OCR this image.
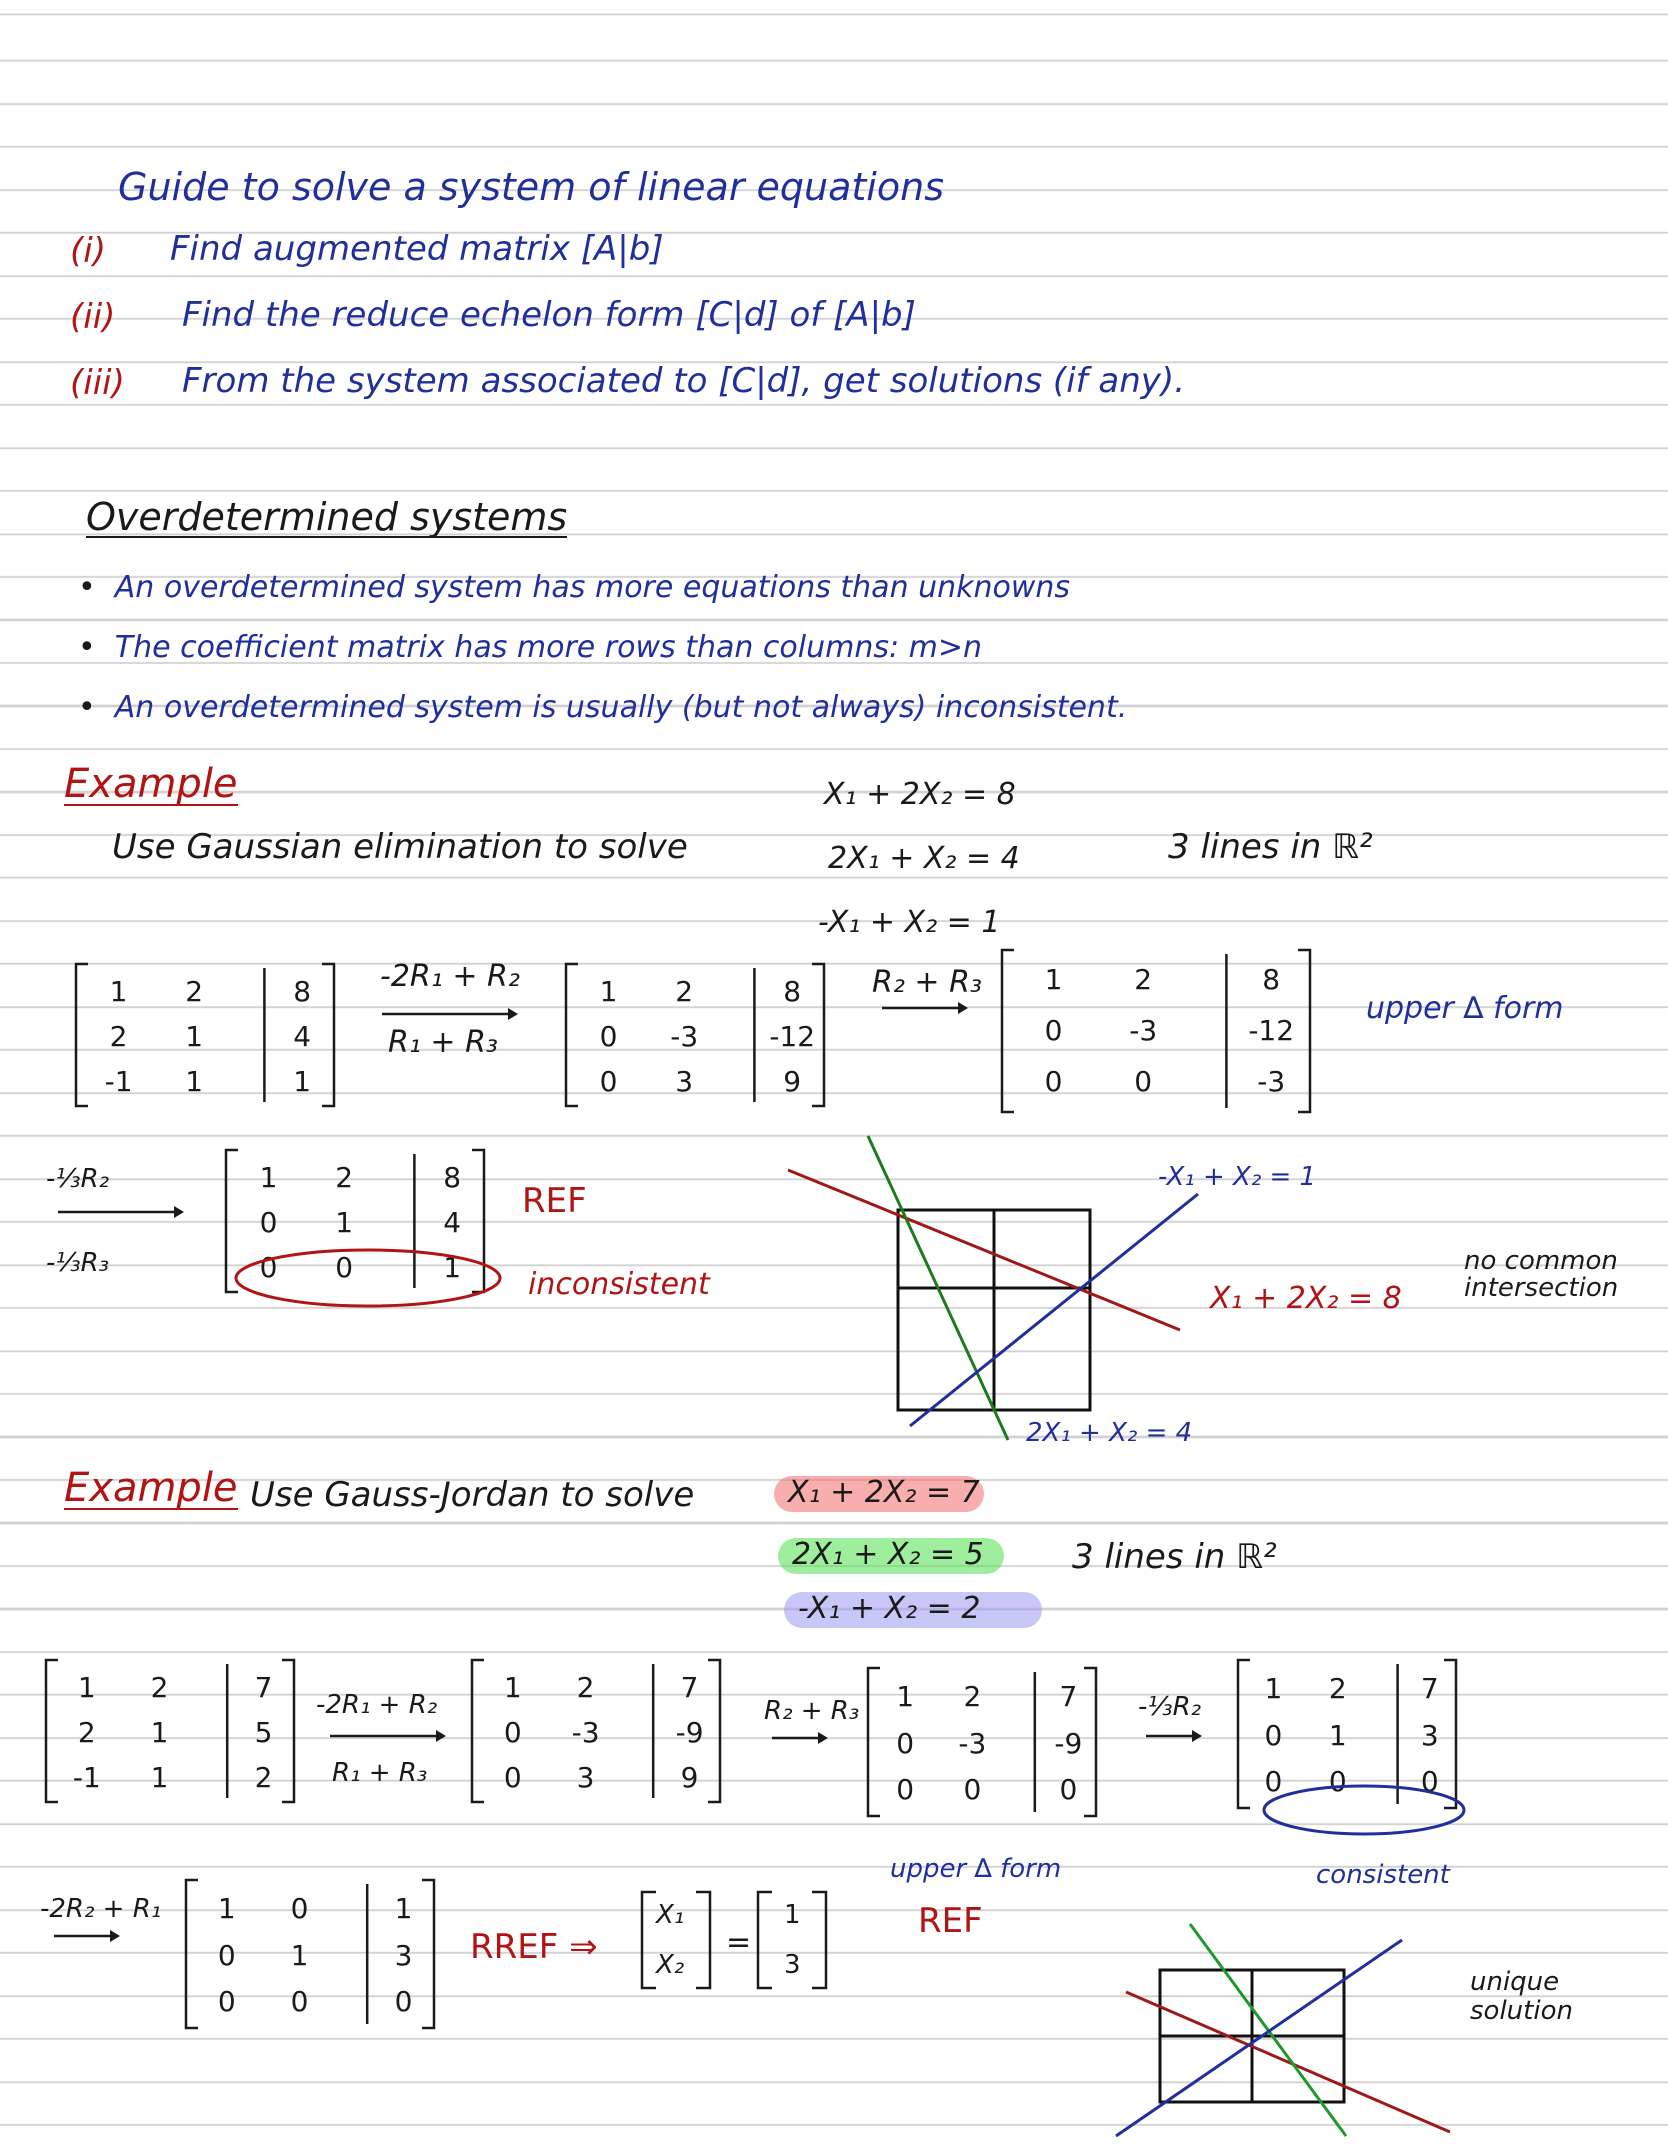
Guide to solve a system of linear equations
(i) Find augmented matrix [A|b]
(ii) Find the reduce echelon form [C|d] of [A|b]
(iii) From the system associated to [C|d], get solutions (if any).
Overdetermined systems
•  An overdetermined system has more equations than unknowns
•  The coefficient matrix has more rows than columns: m>n
•  An overdetermined system is usually (but not always) inconsistent.
Example
Use Gaussian elimination to solve
X₁ + 2X₂ = 8
2X₁ + X₂ = 4
-X₁ + X₂ = 1
3 lines in ℝ²
1	2	8
2	1	4
-1	1	1
-2R₁ + R₂
R₁ + R₃
1	2	8
0	-3	-12
0	3	9
R₂ + R₃	1	2	8
0	-3	-12
0	0	-3
upper ∆ form
-⅓R₂
-⅓R₃
1	2	8
0	1	4
0	0	1
REF
inconsistent
-X₁ + X₂ = 1
X₁ + 2X₂ = 8
2X₁ + X₂ = 4
no common intersection
Example Use Gauss-Jordan to solve	X₁ + 2X₂ = 7
2X₁ + X₂ = 5
-X₁ + X₂ = 2
3 lines in ℝ²
1	2	7
2	1	5
-1	1	2
-2R₁ + R₂
R₁ + R₃
1	2	7
0	-3	-9
0	3	9
R₂ + R₃	1	2	7
0	-3	-9
0	0	0
-⅓R₂
1	2	7
0	1	3
0	0	0
upper ∆ form
REF
consistent
-2R₂ + R₁	1	0	1
0	1	3
0	0	0
RREF ⇒
X₁
X₂
=
1
3
unique solution
